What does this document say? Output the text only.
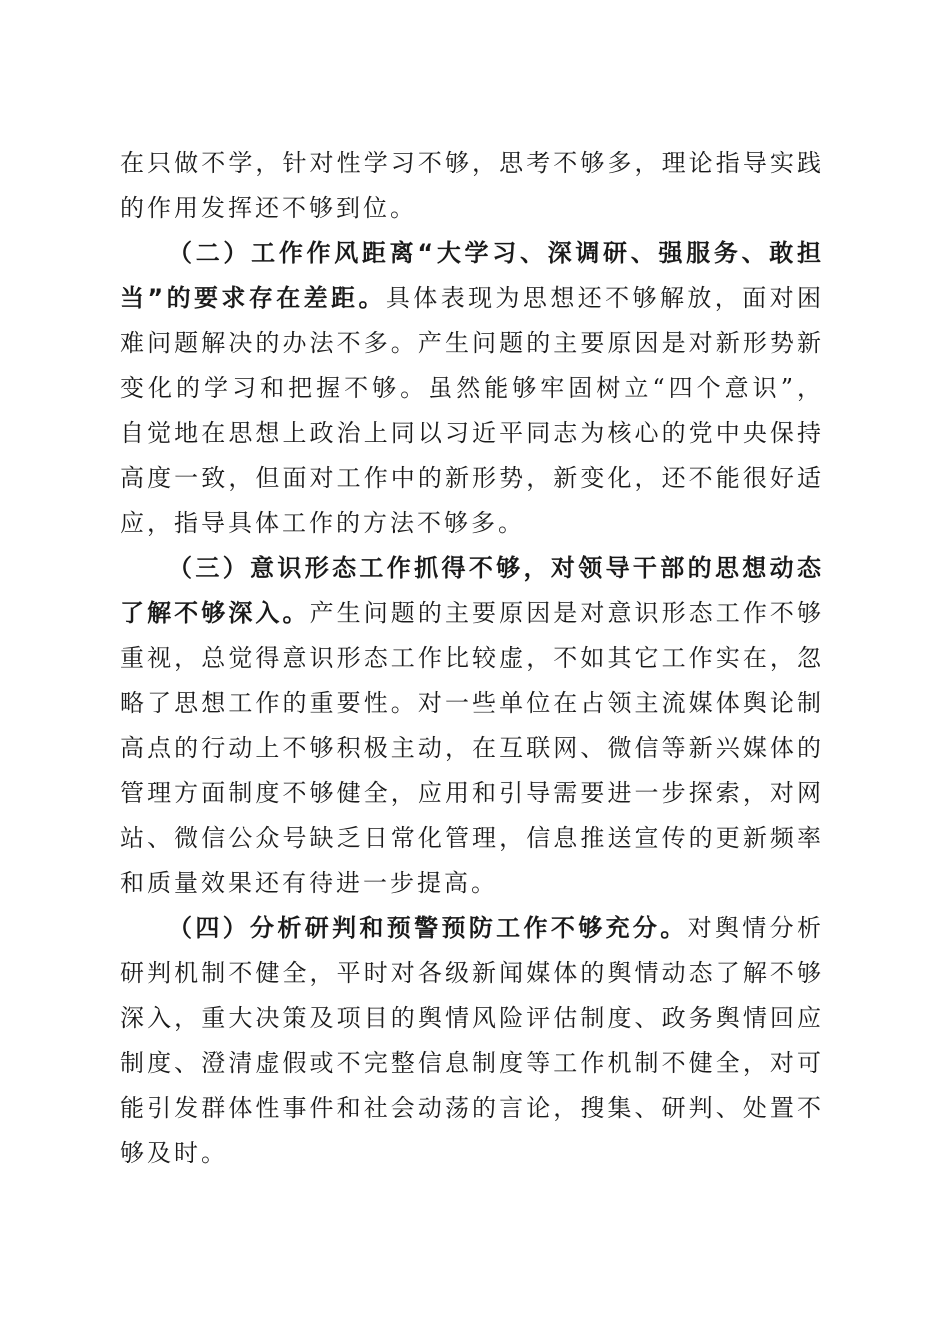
在只做不学，针对性学习不够，思考不够多，理论指导实践的作用发挥还不够到位。

（二）工作作风距离“大学习、深调研、强服务、敢担当”的要求存在差距。具体表现为思想还不够解放，面对困难问题解决的办法不多。产生问题的主要原因是对新形势新变化的学习和把握不够。虽然能够牢固树立“四个意识”，自觉地在思想上政治上同以习近平同志为核心的党中央保持高度一致，但面对工作中的新形势，新变化，还不能很好适应，指导具体工作的方法不够多。

（三）意识形态工作抓得不够，对领导干部的思想动态了解不够深入。产生问题的主要原因是对意识形态工作不够重视，总觉得意识形态工作比较虚，不如其它工作实在，忽略了思想工作的重要性。对一些单位在占领主流媒体舆论制高点的行动上不够积极主动，在互联网、微信等新兴媒体的管理方面制度不够健全，应用和引导需要进一步探索，对网站、微信公众号缺乏日常化管理，信息推送宣传的更新频率和质量效果还有待进一步提高。

（四）分析研判和预警预防工作不够充分。对舆情分析研判机制不健全，平时对各级新闻媒体的舆情动态了解不够深入，重大决策及项目的舆情风险评估制度、政务舆情回应制度、澄清虚假或不完整信息制度等工作机制不健全，对可能引发群体性事件和社会动荡的言论，搜集、研判、处置不够及时。
